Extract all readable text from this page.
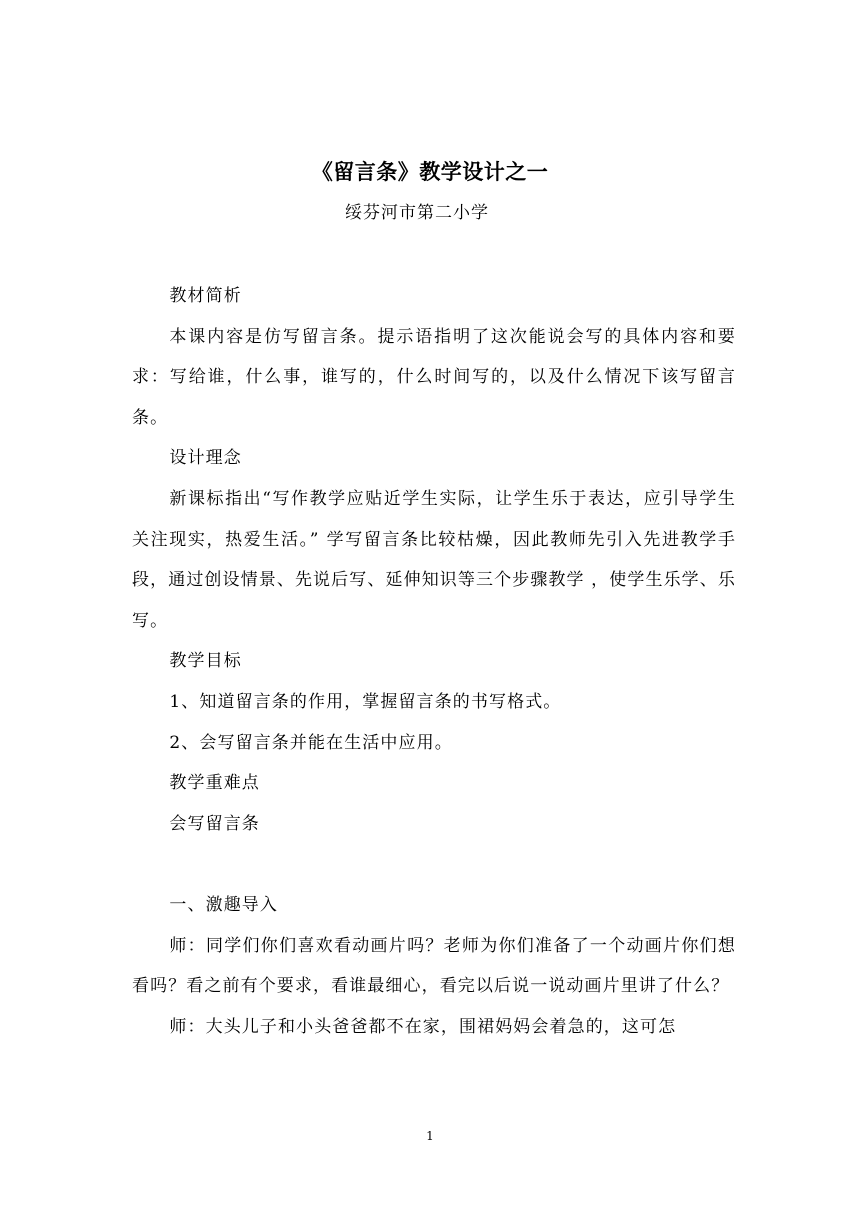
《留言条》教学设计之一
绥芬河市第二小学

教材简析

本课内容是仿写留言条。提示语指明了这次能说会写的具体内容和要求：写给谁，什么事，谁写的，什么时间写的，以及什么情况下该写留言条。

设计理念

新课标指出“写作教学应贴近学生实际，让学生乐于表达，应引导学生关注现实，热爱生活。” 学写留言条比较枯燥，因此教师先引入先进教学手段，通过创设情景、先说后写、延伸知识等三个步骤教学 ，使学生乐学、乐写。

教学目标

1、知道留言条的作用，掌握留言条的书写格式。

2、会写留言条并能在生活中应用。

教学重难点

会写留言条

一、激趣导入

师：同学们你们喜欢看动画片吗？老师为你们准备了一个动画片你们想看吗？看之前有个要求，看谁最细心，看完以后说一说动画片里讲了什么？

师：大头儿子和小头爸爸都不在家，围裙妈妈会着急的，这可怎

1
